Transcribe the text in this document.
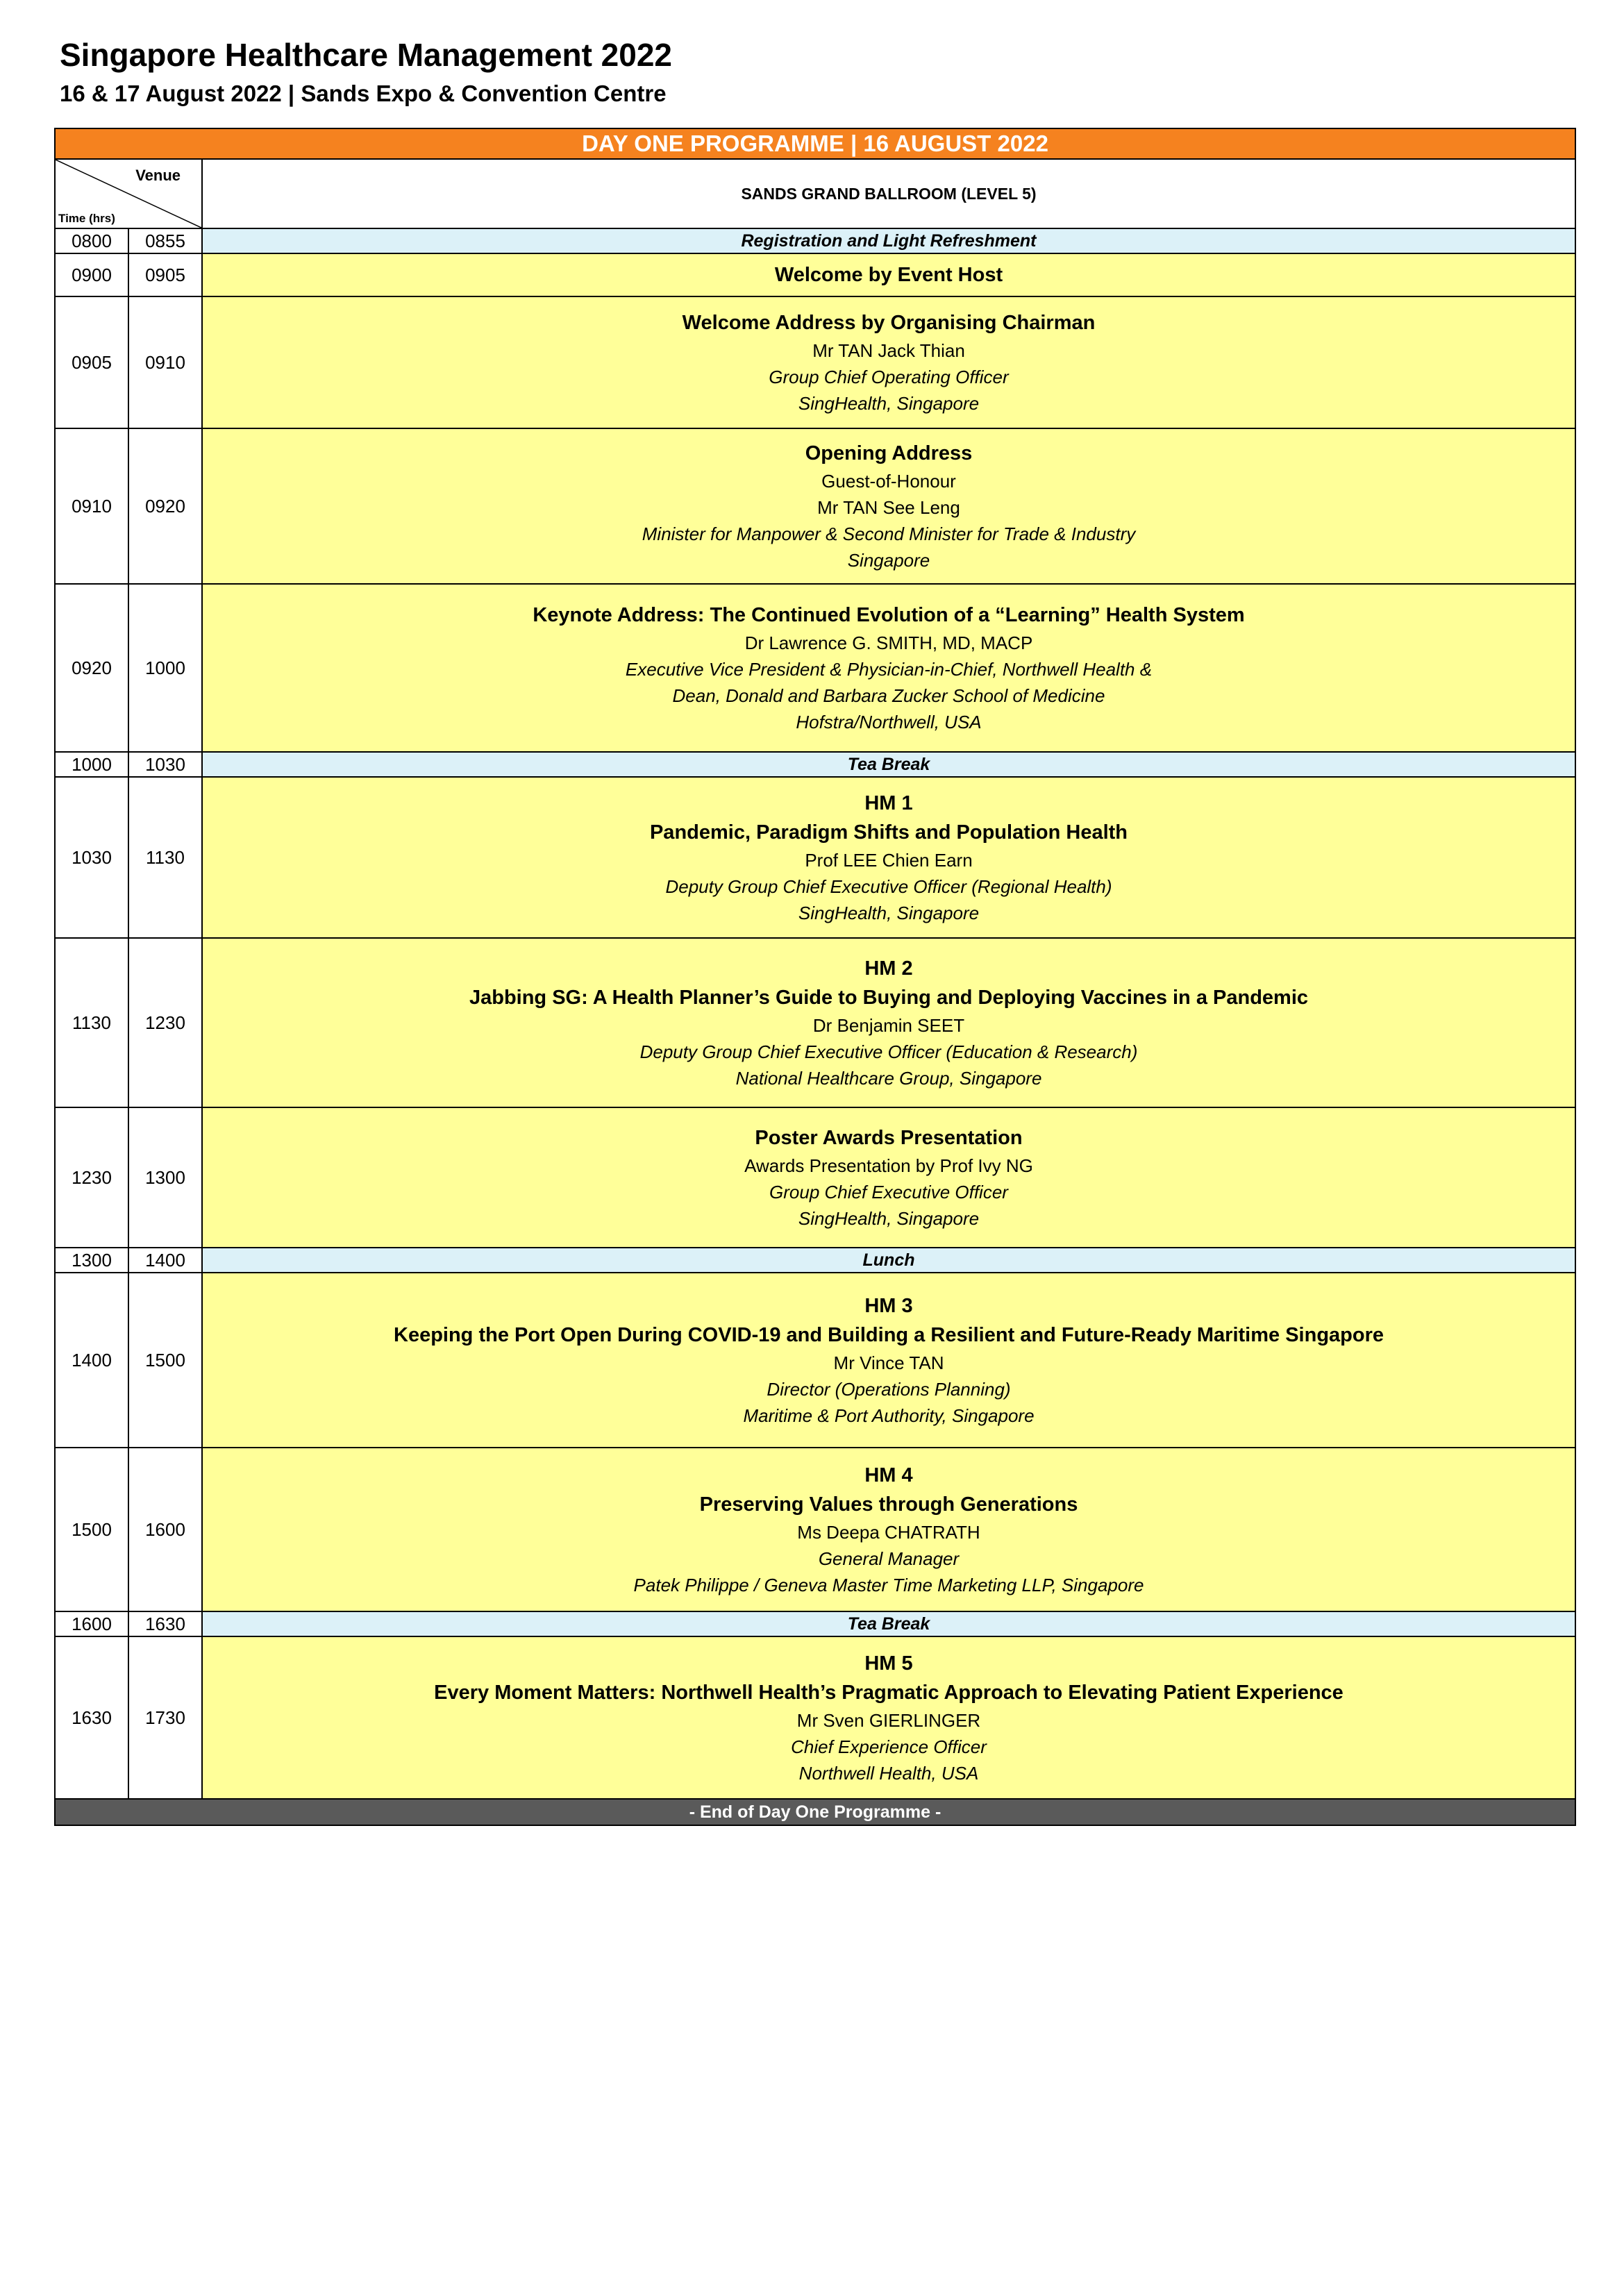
Singapore Healthcare Management 2022
16 & 17 August 2022 | Sands Expo & Convention Centre
DAY ONE PROGRAMME | 16 AUGUST 2022
Venue
Time (hrs)
SANDS GRAND BALLROOM (LEVEL 5)
0800	0855	Registration and Light Refreshment
0900	0905	Welcome by Event Host
0905	0910
Welcome Address by Organising Chairman
Mr TAN Jack Thian
Group Chief Operating Officer
SingHealth, Singapore
0910	0920
Opening Address
Guest-of-Honour
Mr TAN See Leng
Minister for Manpower & Second Minister for Trade & Industry
Singapore
0920	1000
Keynote Address: The Continued Evolution of a “Learning” Health System
Dr Lawrence G. SMITH, MD, MACP
Executive Vice President & Physician-in-Chief, Northwell Health &
Dean, Donald and Barbara Zucker School of Medicine
Hofstra/Northwell, USA
1000	1030	Tea Break
1030	1130
HM 1
Pandemic, Paradigm Shifts and Population Health
Prof LEE Chien Earn
Deputy Group Chief Executive Officer (Regional Health)
SingHealth, Singapore
1130	1230
HM 2
Jabbing SG: A Health Planner’s Guide to Buying and Deploying Vaccines in a Pandemic
Dr Benjamin SEET
Deputy Group Chief Executive Officer (Education & Research)
National Healthcare Group, Singapore
1230	1300
Poster Awards Presentation
Awards Presentation by Prof Ivy NG
Group Chief Executive Officer
SingHealth, Singapore
1300	1400	Lunch
1400	1500
HM 3
Keeping the Port Open During COVID-19 and Building a Resilient and Future-Ready Maritime Singapore
Mr Vince TAN
Director (Operations Planning)
Maritime & Port Authority, Singapore
1500	1600
HM 4
Preserving Values through Generations
Ms Deepa CHATRATH
General Manager
Patek Philippe / Geneva Master Time Marketing LLP, Singapore
1600	1630	Tea Break
1630	1730
HM 5
Every Moment Matters: Northwell Health’s Pragmatic Approach to Elevating Patient Experience
Mr Sven GIERLINGER
Chief Experience Officer
Northwell Health, USA
- End of Day One Programme -
